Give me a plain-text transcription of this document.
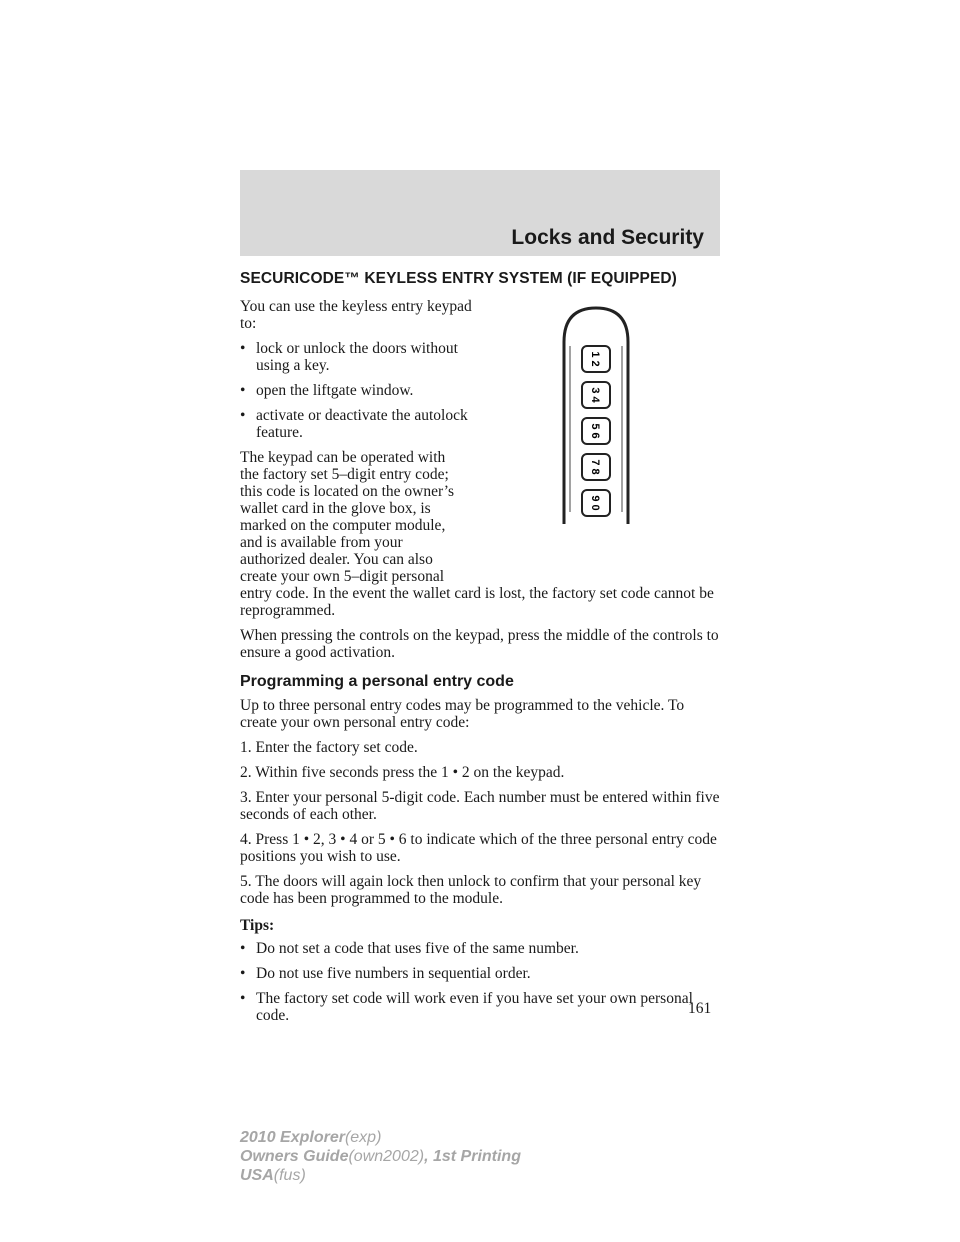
Locks and Security
1 2
3 4
5 6
7 8
9 0
SECURICODE™ KEYLESS ENTRY SYSTEM (IF EQUIPPED)

You can use the keyless entry keypad to:

• lock or unlock the doors without using a key.
• open the liftgate window.
• activate or deactivate the autolock feature.

The keypad can be operated with
the factory set 5–digit entry code;
this code is located on the owner’s
wallet card in the glove box, is
marked on the computer module,
and is available from your
authorized dealer. You can also
create your own 5–digit personal
entry code. In the event the wallet card is lost, the factory set code cannot be reprogrammed.

When pressing the controls on the keypad, press the middle of the controls to ensure a good activation.

Programming a personal entry code

Up to three personal entry codes may be programmed to the vehicle. To create your own personal entry code:

1. Enter the factory set code.

2. Within five seconds press the 1 • 2 on the keypad.

3. Enter your personal 5-digit code. Each number must be entered within five seconds of each other.

4. Press 1 • 2, 3 • 4 or 5 • 6 to indicate which of the three personal entry code positions you wish to use.

5. The doors will again lock then unlock to confirm that your personal key code has been programmed to the module.

Tips:

• Do not set a code that uses five of the same number.
• Do not use five numbers in sequential order.
• The factory set code will work even if you have set your own personal code.	161
2010 Explorer(exp)
Owners Guide(own2002), 1st Printing
USA(fus)
